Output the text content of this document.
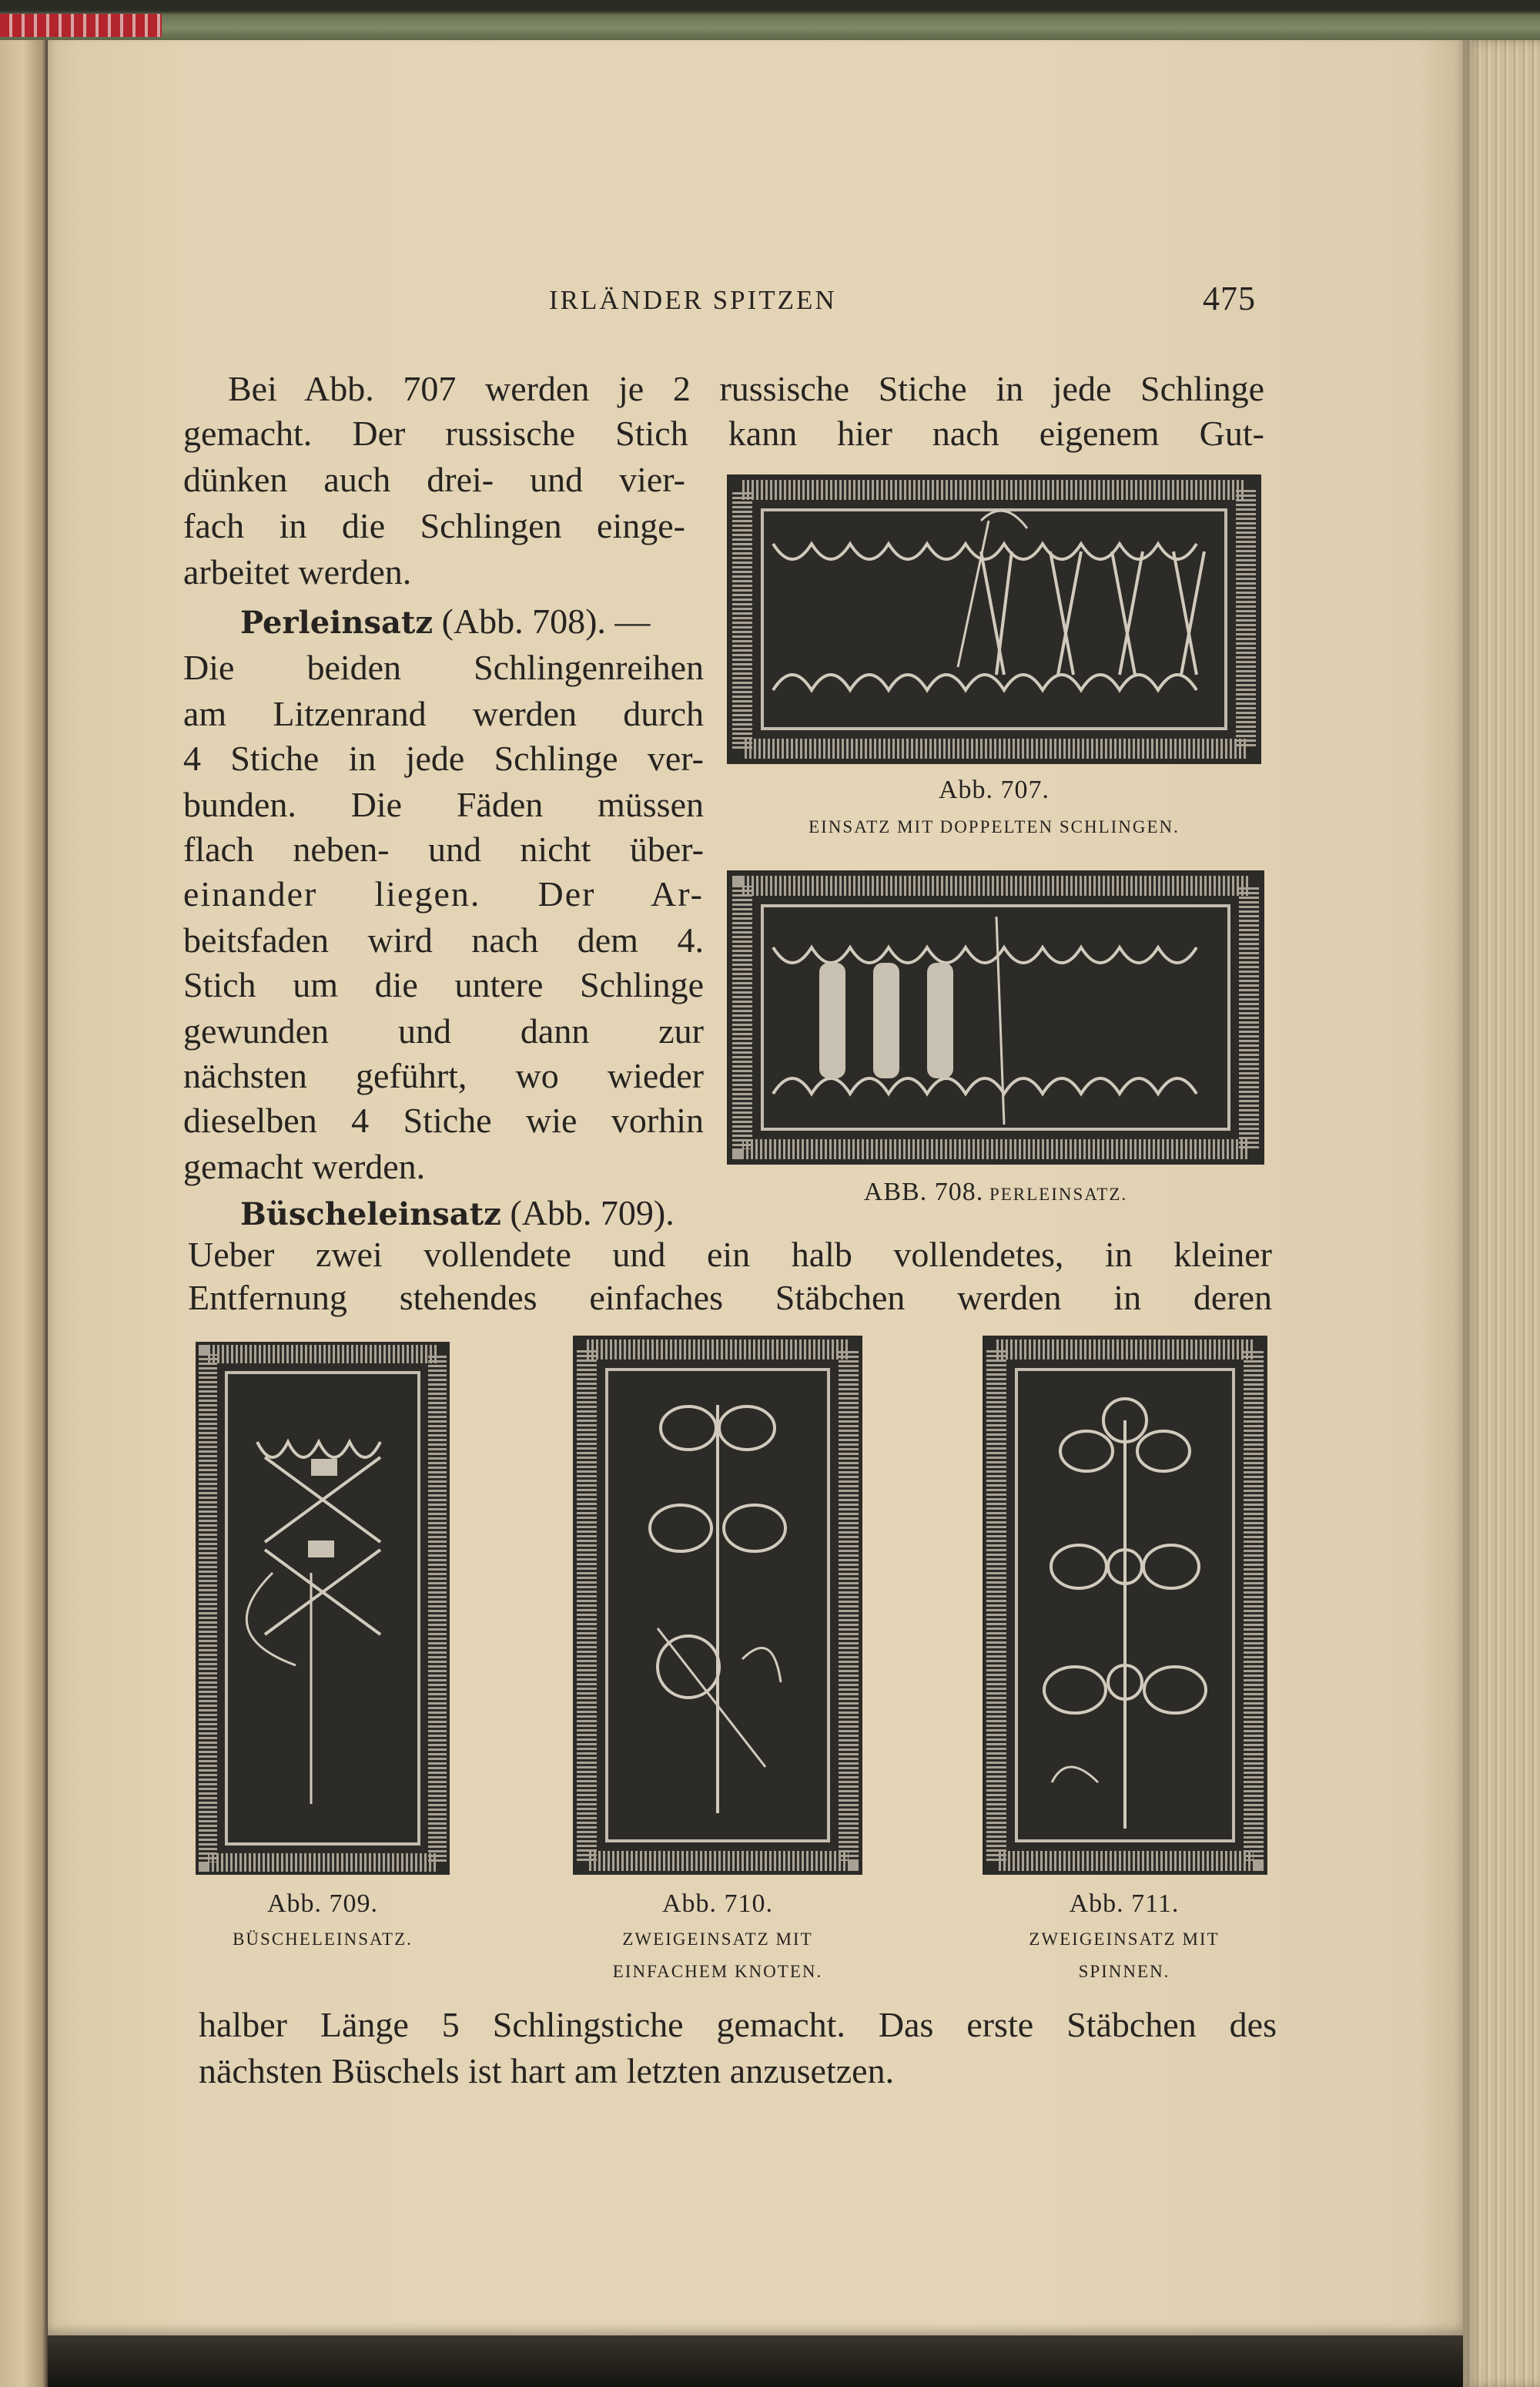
IRLÄNDER SPITZEN	475
Bei Abb. 707 werden je 2 russische Stiche in jede Schlinge
gemacht. Der russische Stich kann hier nach eigenem Gut-
dünken auch drei- und vier-
fach in die Schlingen einge-
arbeitet werden.
Perleinsatz (Abb. 708). —
Die beiden Schlingenreihen
am Litzenrand werden durch
4 Stiche in jede Schlinge ver-
bunden. Die Fäden müssen
flach neben- und nicht über-
einander liegen. Der Ar-
beitsfaden wird nach dem 4.
Stich um die untere Schlinge
gewunden und dann zur
nächsten geführt, wo wieder
dieselben 4 Stiche wie vorhin
gemacht werden.
Büscheleinsatz (Abb. 709).
Ueber zwei vollendete und ein halb vollendetes, in kleiner
Entfernung stehendes einfaches Stäbchen werden in deren
halber Länge 5 Schlingstiche gemacht. Das erste Stäbchen des
nächsten Büschels ist hart am letzten anzusetzen.
Abb. 707.
EINSATZ MIT DOPPELTEN SCHLINGEN.
ABB. 708. PERLEINSATZ.
Abb. 709.
BÜSCHELEINSATZ.
Abb. 710.
ZWEIGEINSATZ MIT
EINFACHEM KNOTEN.
Abb. 711.
ZWEIGEINSATZ MIT
SPINNEN.
